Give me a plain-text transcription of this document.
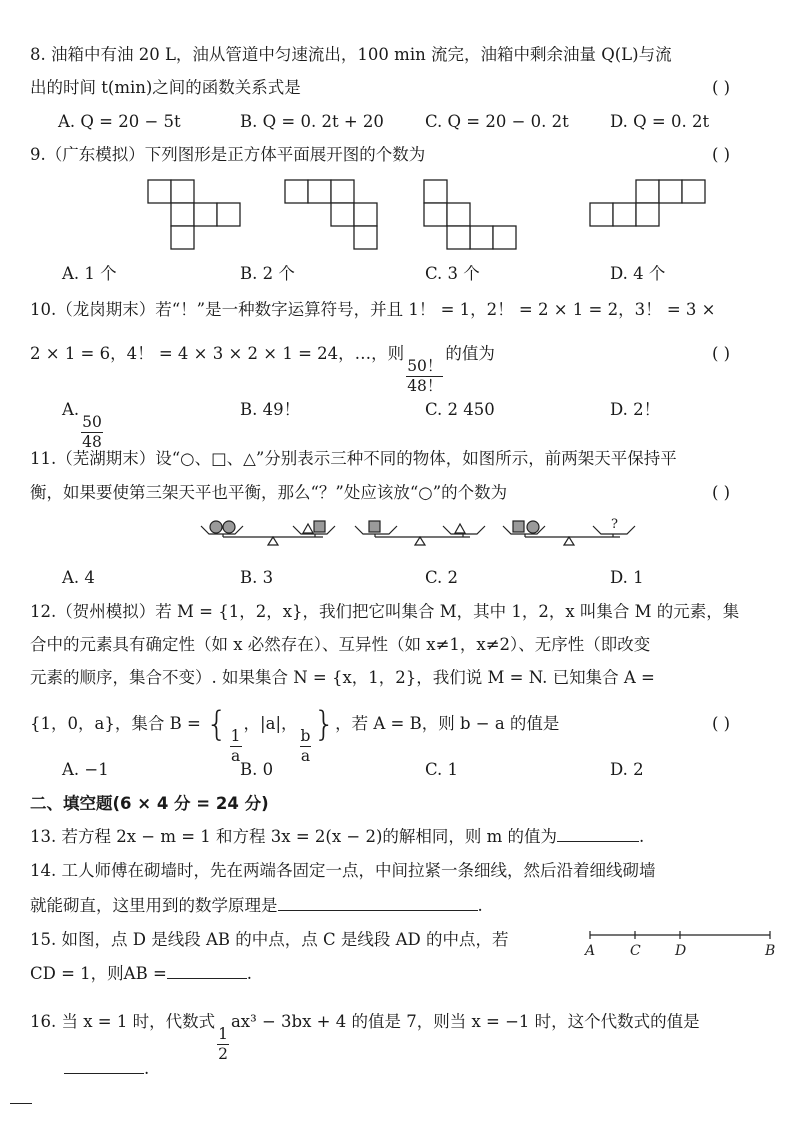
8. 油箱中有油 20 L，油从管道中匀速流出，100 min 流完，油箱中剩余油量 Q(L)与流
出的时间 t(min)之间的函数关系式是	( )
A. Q = 20 − 5t	B. Q = 0. 2t + 20 C. Q = 20 − 0. 2t D. Q = 0. 2t
9.（广东模拟）下列图形是正方体平面展开图的个数为	( )
A. 1 个	B. 2 个	C. 3 个	D. 4 个
10.（龙岗期末）若“！”是一种数字运算符号，并且 1！ = 1，2！ = 2 × 1 = 2，3！ = 3 ×
2 × 1 = 6，4！ = 4 × 3 × 2 × 1 = 24，…，则
$\frac{50!}{48!}$
的值为	( )
A.
$\frac{50}{48}$
B. 49！	C. 2 450	D. 2！
11.（芜湖期末）设“○、□、△”分别表示三种不同的物体，如图所示，前两架天平保持平
衡，如果要使第三架天平也平衡，那么“？”处应该放“○”的个数为	( )
?
A. 4	B. 3	C. 2	D. 1
12.（贺州模拟）若 M = {1，2，x}，我们把它叫集合 M，其中 1，2，x 叫集合 M 的元素，集
合中的元素具有确定性（如 x 必然存在）、互异性（如 x≠1，x≠2）、无序性（即改变
元素的顺序，集合不变）. 如果集合 N = {x，1，2}，我们说 M = N. 已知集合 A =
{1，0，a}，集合 B = {
$\frac{1}{a}$
，|a|，
$\frac{b}{a}$
}，若 A = B，则 b − a 的值是	( )
A. −1	B. 0	C. 1	D. 2
二、填空题(6 × 4 分 = 24 分)
13. 若方程 2x − m = 1 和方程 3x = 2(x − 2)的解相同，则 m 的值为	.
14. 工人师傅在砌墙时，先在两端各固定一点，中间拉紧一条细线，然后沿着细线砌墙
就能砌直，这里用到的数学原理是	.
15. 如图，点 D 是线段 AB 的中点，点 C 是线段 AD 的中点，若
CD = 1，则AB =	.
A C D	B
16. 当 x = 1 时，代数式
$\frac{1}{2}$
ax³ − 3bx + 4 的值是 7，则当 x = −1 时，这个代数式的值是
.
